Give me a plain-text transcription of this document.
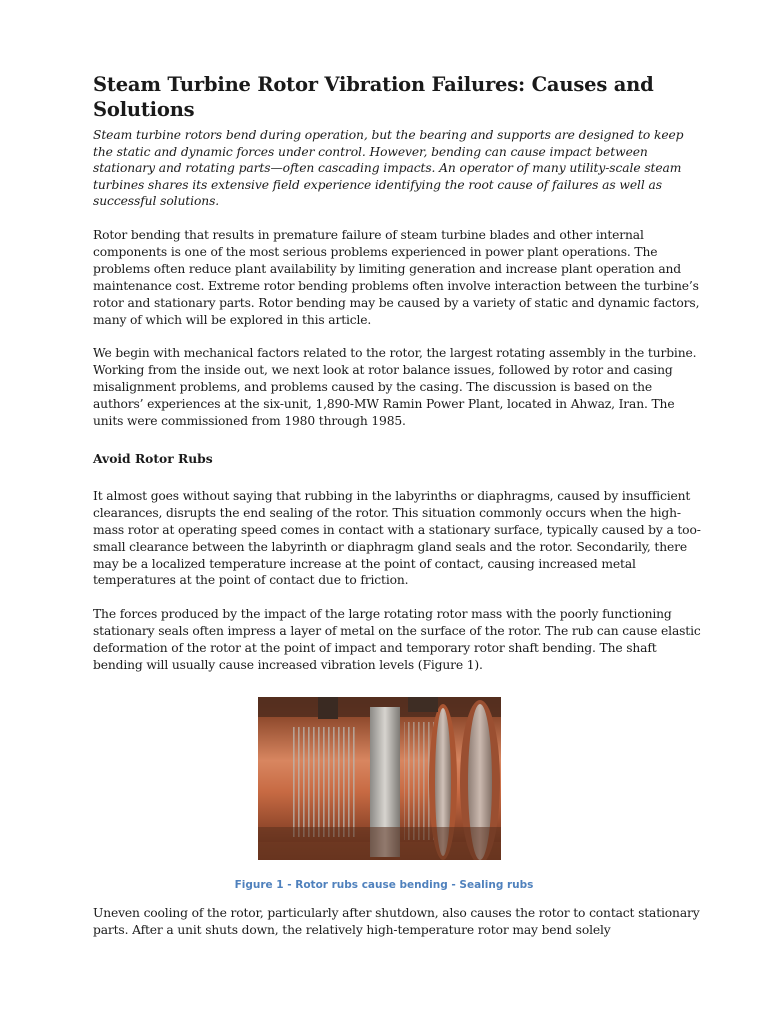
Steam Turbine Rotor Vibration Failures: Causes and Solutions

Steam turbine rotors bend during operation, but the bearing and supports are designed to keep the static and dynamic forces under control. However, bending can cause impact between stationary and rotating parts—often cascading impacts. An operator of many utility-scale steam turbines shares its extensive field experience identifying the root cause of failures as well as successful solutions.

Rotor bending that results in premature failure of steam turbine blades and other internal components is one of the most serious problems experienced in power plant operations. The problems often reduce plant availability by limiting generation and increase plant operation and maintenance cost. Extreme rotor bending problems often involve interaction between the turbine’s rotor and stationary parts. Rotor bending may be caused by a variety of static and dynamic factors, many of which will be explored in this article.

We begin with mechanical factors related to the rotor, the largest rotating assembly in the turbine. Working from the inside out, we next look at rotor balance issues, followed by rotor and casing misalignment problems, and problems caused by the casing. The discussion is based on the authors’ experiences at the six-unit, 1,890-MW Ramin Power Plant, located in Ahwaz, Iran. The units were commissioned from 1980 through 1985.

Avoid Rotor Rubs

It almost goes without saying that rubbing in the labyrinths or diaphragms, caused by insufficient clearances, disrupts the end sealing of the rotor. This situation commonly occurs when the high-mass rotor at operating speed comes in contact with a stationary surface, typically caused by a too-small clearance between the labyrinth or diaphragm gland seals and the rotor. Secondarily, there may be a localized temperature increase at the point of contact, causing increased metal temperatures at the point of contact due to friction.

The forces produced by the impact of the large rotating rotor mass with the poorly functioning stationary seals often impress a layer of metal on the surface of the rotor. The rub can cause elastic deformation of the rotor at the point of impact and temporary rotor shaft bending. The shaft bending will usually cause increased vibration levels (Figure 1).

Figure 1 - Rotor rubs cause bending - Sealing rubs

Uneven cooling of the rotor, particularly after shutdown, also causes the rotor to contact stationary parts. After a unit shuts down, the relatively high-temperature rotor may bend solely
